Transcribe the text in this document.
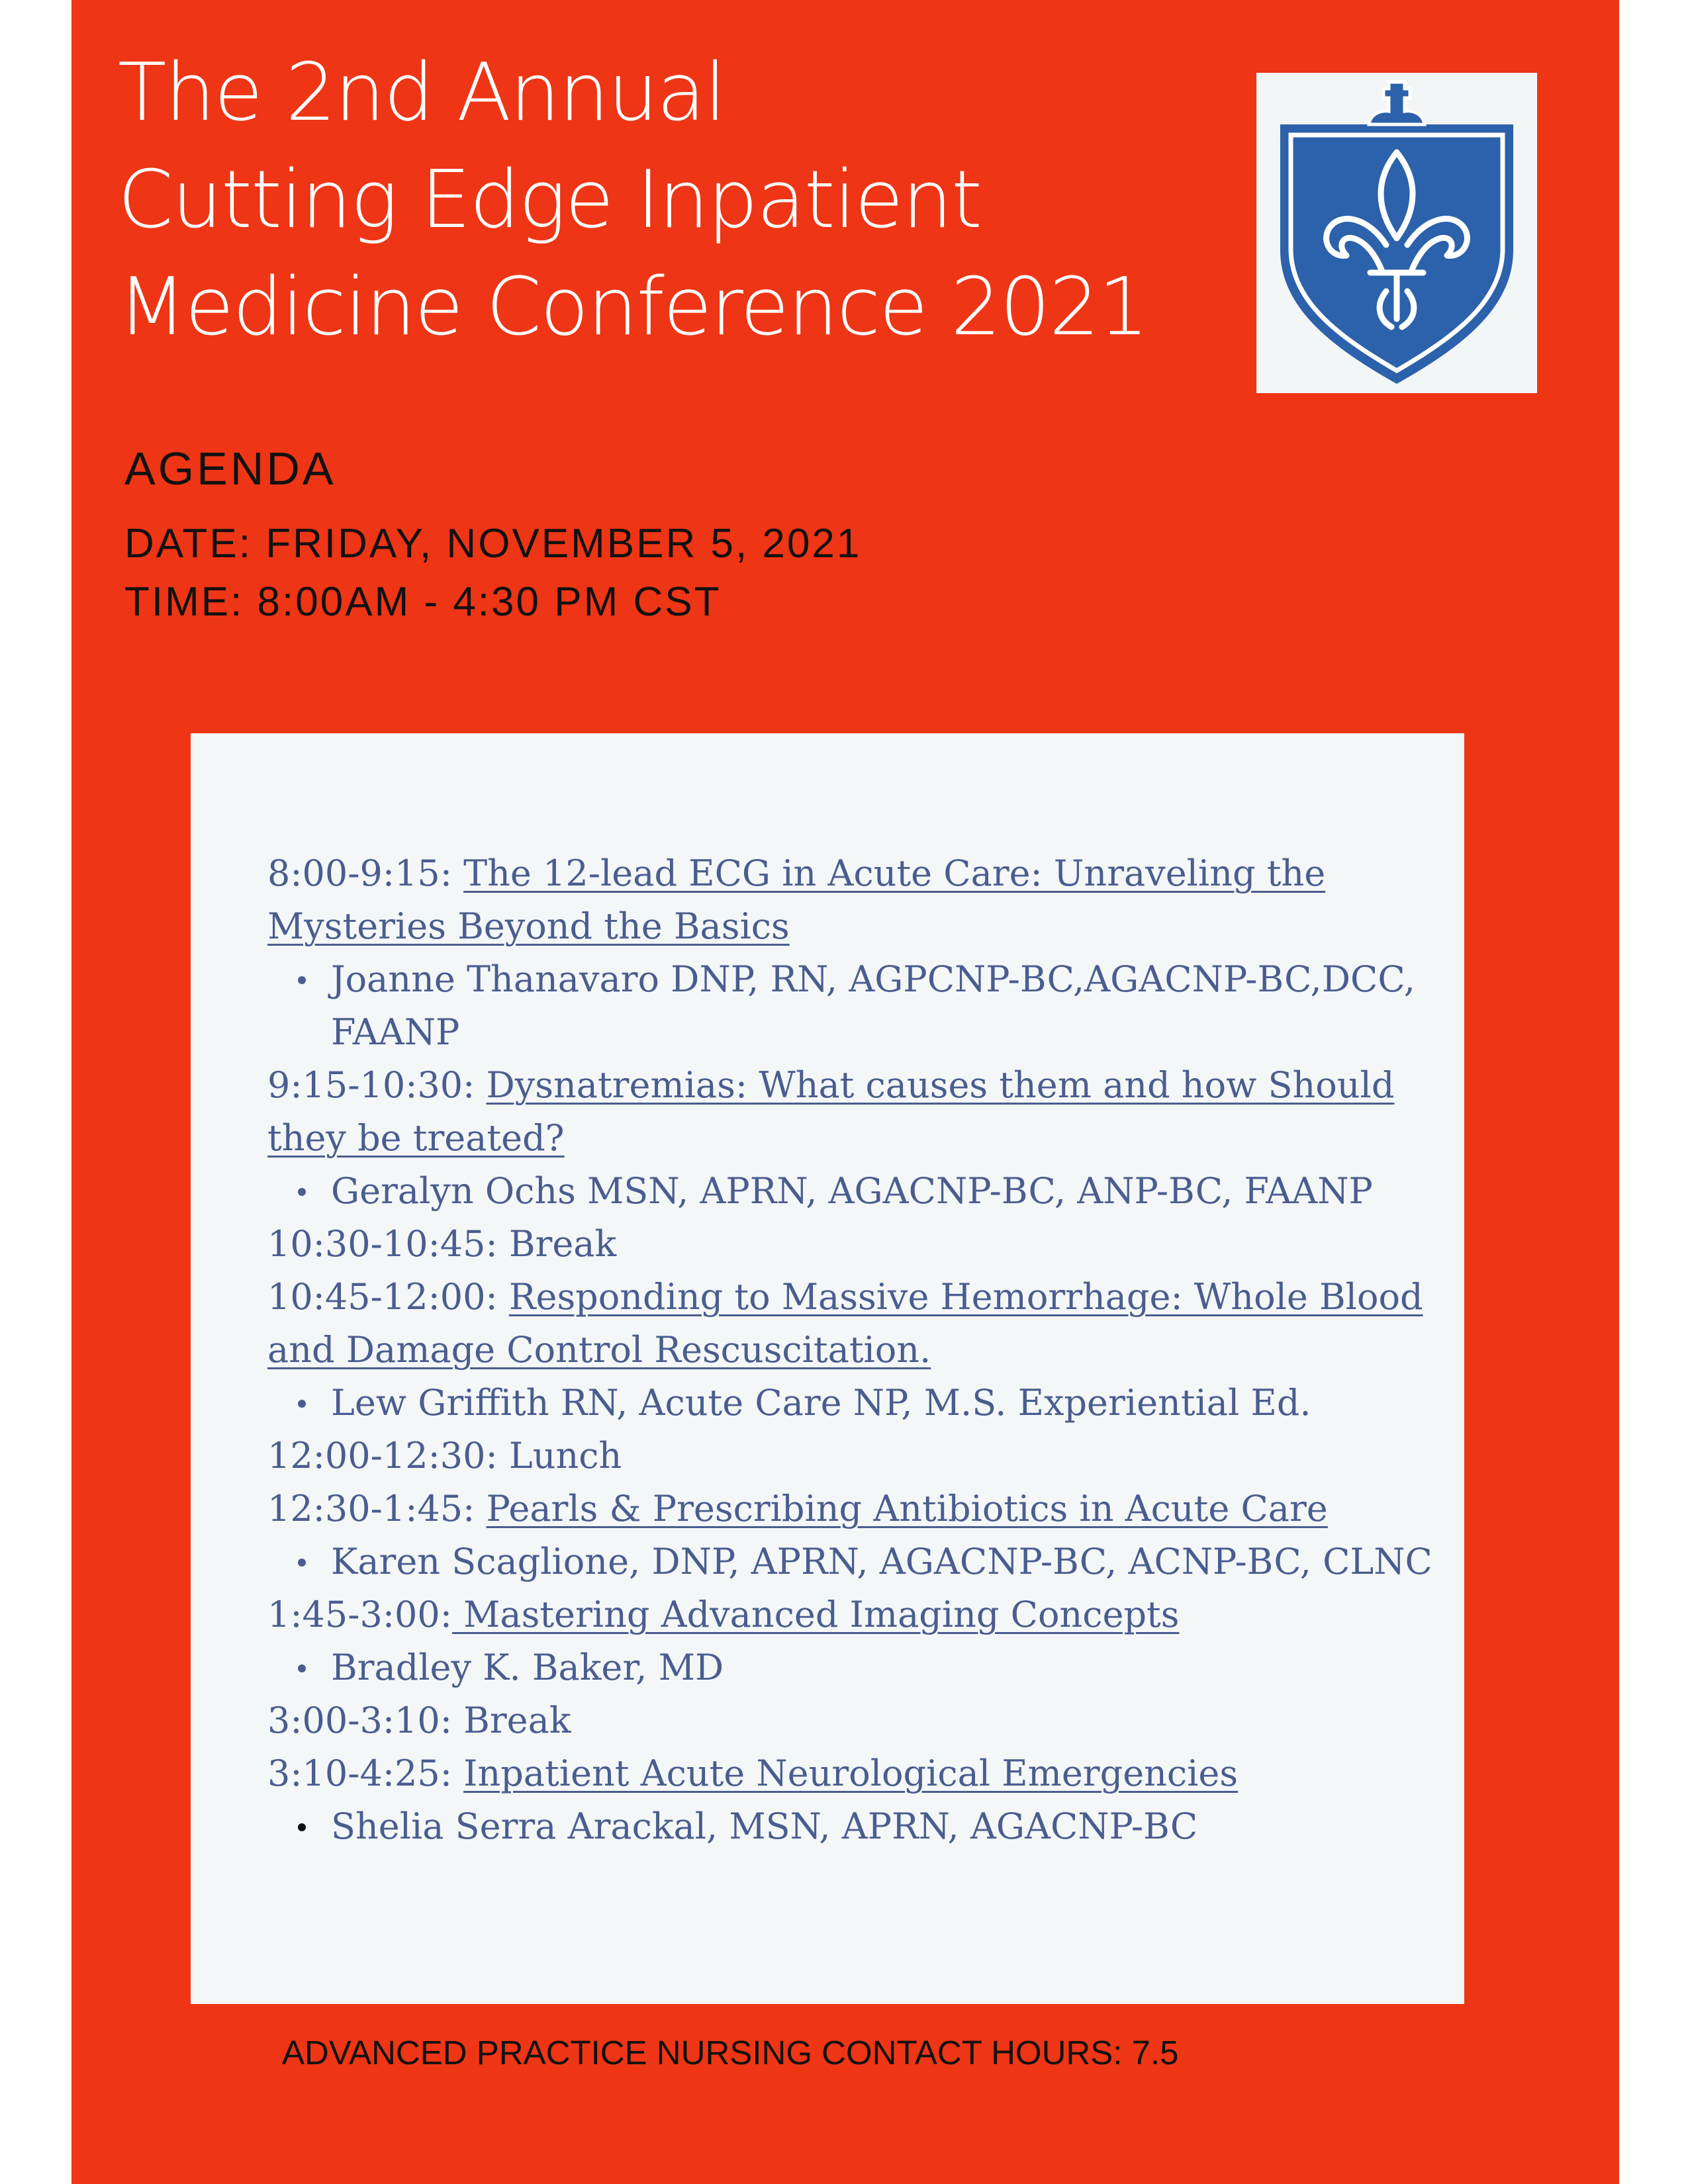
The 2nd Annual
Cutting Edge Inpatient
Medicine Conference 2021

AGENDA

DATE: FRIDAY, NOVEMBER 5, 2021

TIME: 8:00AM - 4:30 PM CST

8:00-9:15: The 12-lead ECG in Acute Care: Unraveling the Mysteries Beyond the Basics

Joanne Thanavaro DNP, RN, AGPCNP-BC,AGACNP-BC,DCC, FAANP

9:15-10:30: Dysnatremias: What causes them and how Should they be treated?

Geralyn Ochs MSN, APRN, AGACNP-BC, ANP-BC, FAANP

10:30-10:45: Break

10:45-12:00: Responding to Massive Hemorrhage: Whole Blood and Damage Control Rescuscitation.

Lew Griffith RN, Acute Care NP, M.S. Experiential Ed.

12:00-12:30: Lunch

12:30-1:45: Pearls & Prescribing Antibiotics in Acute Care

Karen Scaglione, DNP, APRN, AGACNP-BC, ACNP-BC, CLNC

1:45-3:00: Mastering Advanced Imaging Concepts

Bradley K. Baker, MD

3:00-3:10: Break

3:10-4:25: Inpatient Acute Neurological Emergencies

Shelia Serra Arackal, MSN, APRN, AGACNP-BC

ADVANCED PRACTICE NURSING CONTACT HOURS: 7.5
